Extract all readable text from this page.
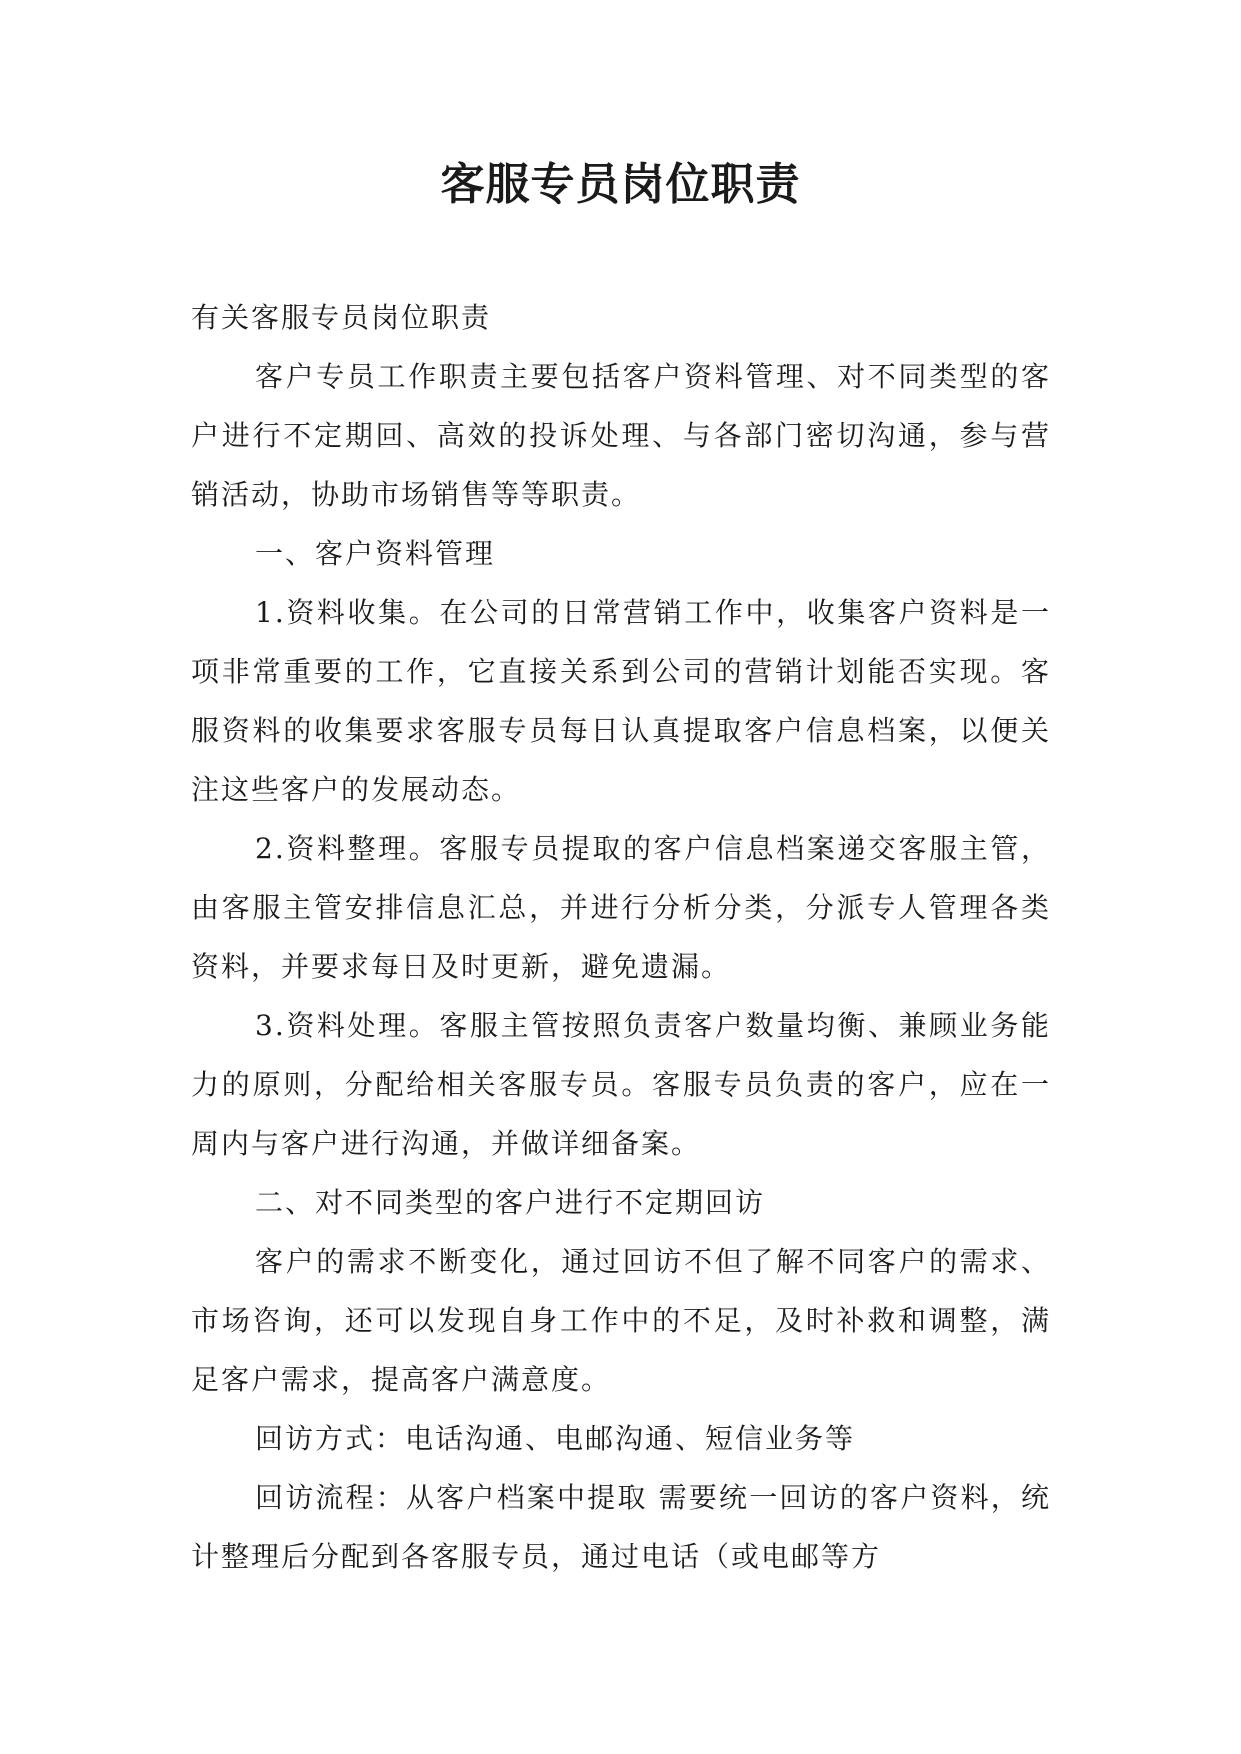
客服专员岗位职责

有关客服专员岗位职责

客户专员工作职责主要包括客户资料管理、对不同类型的客户进行不定期回、高效的投诉处理、与各部门密切沟通，参与营销活动，协助市场销售等等职责。

一、客户资料管理

1.资料收集。在公司的日常营销工作中，收集客户资料是一项非常重要的工作，它直接关系到公司的营销计划能否实现。客服资料的收集要求客服专员每日认真提取客户信息档案，以便关注这些客户的发展动态。

2.资料整理。客服专员提取的客户信息档案递交客服主管，由客服主管安排信息汇总，并进行分析分类，分派专人管理各类资料，并要求每日及时更新，避免遗漏。

3.资料处理。客服主管按照负责客户数量均衡、兼顾业务能力的原则，分配给相关客服专员。客服专员负责的客户，应在一周内与客户进行沟通，并做详细备案。

二、对不同类型的客户进行不定期回访

客户的需求不断变化，通过回访不但了解不同客户的需求、市场咨询，还可以发现自身工作中的不足，及时补救和调整，满足客户需求，提高客户满意度。

回访方式：电话沟通、电邮沟通、短信业务等

回访流程：从客户档案中提取 需要统一回访的客户资料，统计整理后分配到各客服专员，通过电话（或电邮等方
